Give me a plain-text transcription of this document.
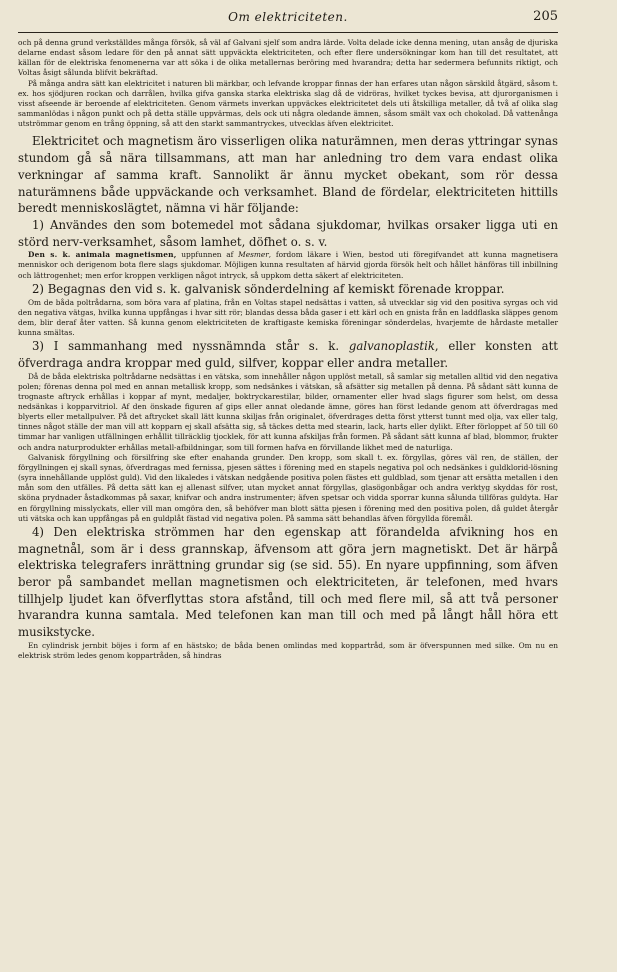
Om elektriciteten.	205

och på denna grund verkställdes många försök, så väl af Galvani sjelf som andra lärde. Volta delade icke denna mening, utan ansåg de djuriska delarne endast såsom ledare för den på annat sätt uppväckta elektriciteten, och efter flere undersökningar kom han till det resultatet, att källan för de elektriska fenomenerna var att söka i de olika metallernas beröring med hvarandra; detta har sedermera befunnits riktigt, och Voltas åsigt sålunda blifvit bekräftad.

På många andra sätt kan elektricitet i naturen bli märkbar, och lefvande kroppar finnas der han erfares utan någon särskild åtgärd, såsom t. ex. hos sjödjuren rockan och darrålen, hvilka gifva ganska starka elektriska slag då de vidröras, hvilket tyckes bevisa, att djurorganismen i visst afseende är beroende af elektriciteten. Genom värmets inverkan uppväckes elektricitetet dels uti åtskilliga metaller, då två af olika slag sammanlödas i någon punkt och på detta ställe uppvärmas, dels ock uti några oledande ämnen, såsom smält vax och chokolad. Då vattenånga utströmmar genom en trång öppning, så att den starkt sammantryckes, utvecklas äfven elektricitet.

Elektricitet och magnetism äro visserligen olika naturämnen, men deras yttringar synas stundom gå så nära tillsammans, att man har anledning tro dem vara endast olika verkningar af samma kraft. Sannolikt är ännu mycket obekant, som rör dessa naturämnens både uppväckande och verksamhet. Bland de fördelar, elektriciteten hittills beredt menniskoslägtet, nämna vi här följande:

1) Användes den som botemedel mot sådana sjukdomar, hvilkas orsaker ligga uti en störd nerv-verksamhet, såsom lamhet, döfhet o. s. v.

Den s. k. animala magnetismen, uppfunnen af Mesmer, fordom läkare i Wien, bestod uti föregifvandet att kunna magnetisera menniskor och derigenom bota flere slags sjukdomar. Möjligen kunna resultaten af härvid gjorda försök helt och hållet hänföras till inbillning och lättrogenhet; men erfor kroppen verkligen något intryck, så uppkom detta säkert af elektriciteten.

2) Begagnas den vid s. k. galvanisk sönderdelning af kemiskt förenade kroppar.

Om de båda poltrådarna, som böra vara af platina, från en Voltas stapel nedsättas i vatten, så utvecklar sig vid den positiva syrgas och vid den negativa vätgas, hvilka kunna uppfångas i hvar sitt rör; blandas dessa båda gaser i ett kärl och en gnista från en laddflaska släppes genom dem, blir deraf åter vatten. Så kunna genom elektriciteten de kraftigaste kemiska föreningar sönderdelas, hvarjemte de hårdaste metaller kunna smältas.

3) I sammanhang med nyssnämnda står s. k. galvanoplastik, eller konsten att öfverdraga andra kroppar med guld, silfver, koppar eller andra metaller.

Då de båda elektriska poltrådarne nedsättas i en vätska, som innehåller någon upplöst metall, så samlar sig metallen alltid vid den negativa polen; förenas denna pol med en annan metallisk kropp, som nedsänkes i vätskan, så afsätter sig metallen på denna. På sådant sätt kunna de trognaste aftryck erhållas i koppar af mynt, medaljer, boktryckarestilar, bilder, ornamenter eller hvad slags figurer som helst, om dessa nedsänkas i kopparvitriol. Af den önskade figuren af gips eller annat oledande ämne, göres han först ledande genom att öfverdragas med blyerts eller metallpulver. På det aftrycket skall lätt kunna skiljas från originalet, öfverdrages detta först ytterst tunnt med olja, vax eller talg, tinnes något ställe der man vill att kopparn ej skall afsätta sig, så täckes detta med stearin, lack, harts eller dylikt. Efter förloppet af 50 till 60 timmar har vanligen utfällningen erhållit tillräcklig tjocklek, för att kunna afskiljas från formen. På sådant sätt kunna af blad, blommor, frukter och andra naturprodukter erhållas metall-afbildningar, som till formen hafva en förvillande likhet med de naturliga.

Galvanisk förgyllning och försilfring ske efter enahanda grunder. Den kropp, som skall t. ex. förgyllas, göres väl ren, de ställen, der förgyllningen ej skall synas, öfverdragas med fernissa, pjesen sättes i förening med en stapels negativa pol och nedsänkes i guldklorid-lösning (syra innehållande upplöst guld). Vid den likaledes i vätskan nedgående positiva polen fästes ett guldblad, som tjenar att ersätta metallen i den mån som den utfälles. På detta sätt kan ej allenast silfver, utan mycket annat förgyllas, glasögonbågar och andra verktyg skyddas för rost, sköna prydnader åstadkommas på saxar, knifvar och andra instrumenter; äfven spetsar och vidda sporrar kunna sålunda tillföras guldyta. Har en förgyllning misslyckats, eller vill man omgöra den, så behöfver man blott sätta pjesen i förening med den positiva polen, då guldet återgår uti vätska och kan uppfångas på en guldplåt fästad vid negativa polen. På samma sätt behandlas äfven förgyllda föremål.

4) Den elektriska strömmen har den egenskap att förandelda afvikning hos en magnetnål, som är i dess grannskap, äfvensom att göra jern magnetiskt. Det är härpå elektriska telegrafers inrättning grundar sig (se sid. 55). En nyare uppfinning, som äfven beror på sambandet mellan magnetismen och elektriciteten, är telefonen, med hvars tillhjelp ljudet kan öfverflyttas stora afstånd, till och med flere mil, så att två personer hvarandra kunna samtala. Med telefonen kan man till och med på långt håll höra ett musikstycke.

En cylindrisk jernbit böjes i form af en hästsko; de båda benen omlindas med koppartråd, som är öfverspunnen med silke. Om nu en elektrisk ström ledes genom koppartråden, så hindras
